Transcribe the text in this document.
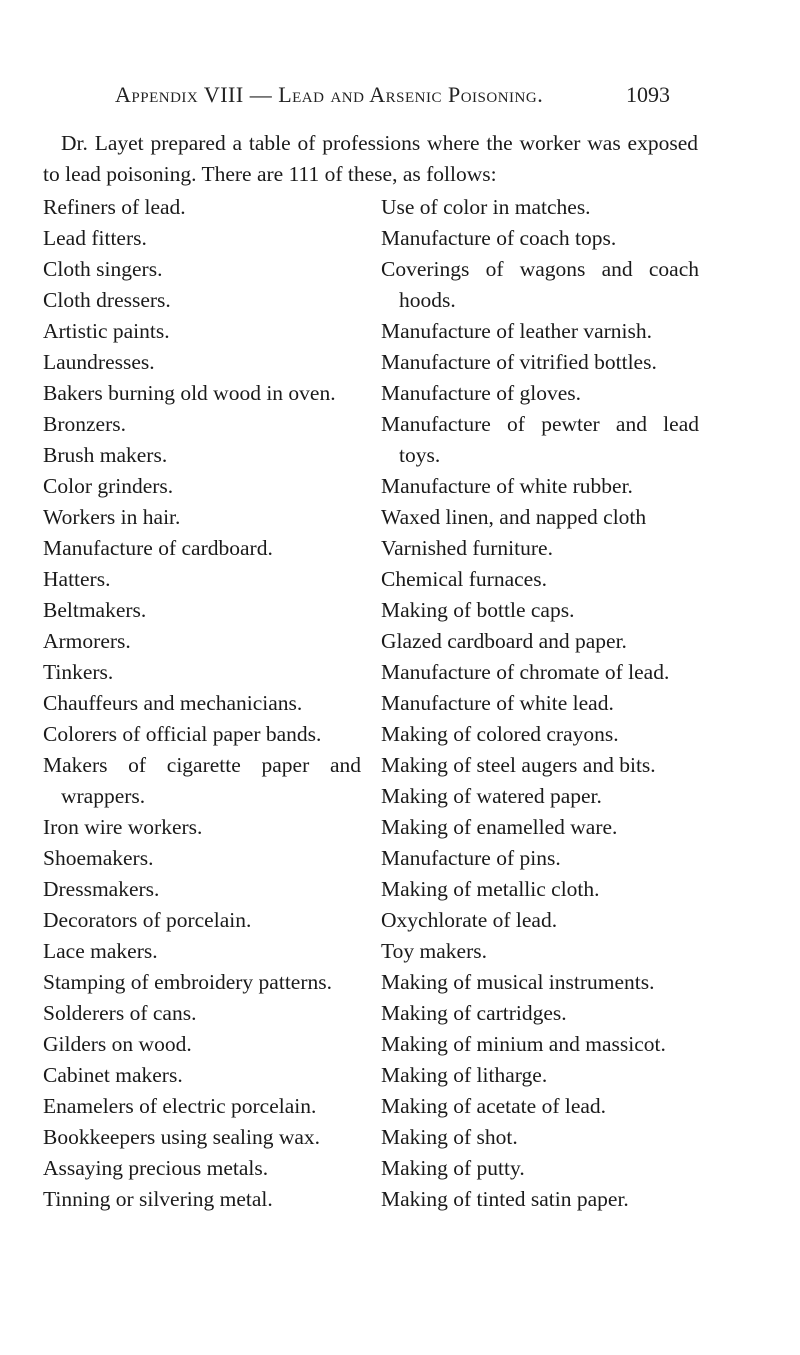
Appendix VIII — Lead and Arsenic Poisoning.	1093

Dr. Layet prepared a table of professions where the worker was exposed to lead poisoning. There are 111 of these, as follows:

Refiners of lead.

Lead fitters.

Cloth singers.

Cloth dressers.

Artistic paints.

Laundresses.

Bakers burning old wood in oven.

Bronzers.

Brush makers.

Color grinders.

Workers in hair.

Manufacture of cardboard.

Hatters.

Beltmakers.

Armorers.

Tinkers.

Chauffeurs and mechanicians.

Colorers of official paper bands.

Makers of cigarette paper and wrappers.

Iron wire workers.

Shoemakers.

Dressmakers.

Decorators of porcelain.

Lace makers.

Stamping of embroidery patterns.

Solderers of cans.

Gilders on wood.

Cabinet makers.

Enamelers of electric porcelain.

Bookkeepers using sealing wax.

Assaying precious metals.

Tinning or silvering metal.

Use of color in matches.

Manufacture of coach tops.

Coverings of wagons and coach hoods.

Manufacture of leather varnish.

Manufacture of vitrified bottles.

Manufacture of gloves.

Manufacture of pewter and lead toys.

Manufacture of white rubber.

Waxed linen, and napped cloth

Varnished furniture.

Chemical furnaces.

Making of bottle caps.

Glazed cardboard and paper.

Manufacture of chromate of lead.

Manufacture of white lead.

Making of colored crayons.

Making of steel augers and bits.

Making of watered paper.

Making of enamelled ware.

Manufacture of pins.

Making of metallic cloth.

Oxychlorate of lead.

Toy makers.

Making of musical instruments.

Making of cartridges.

Making of minium and massicot.

Making of litharge.

Making of acetate of lead.

Making of shot.

Making of putty.

Making of tinted satin paper.
